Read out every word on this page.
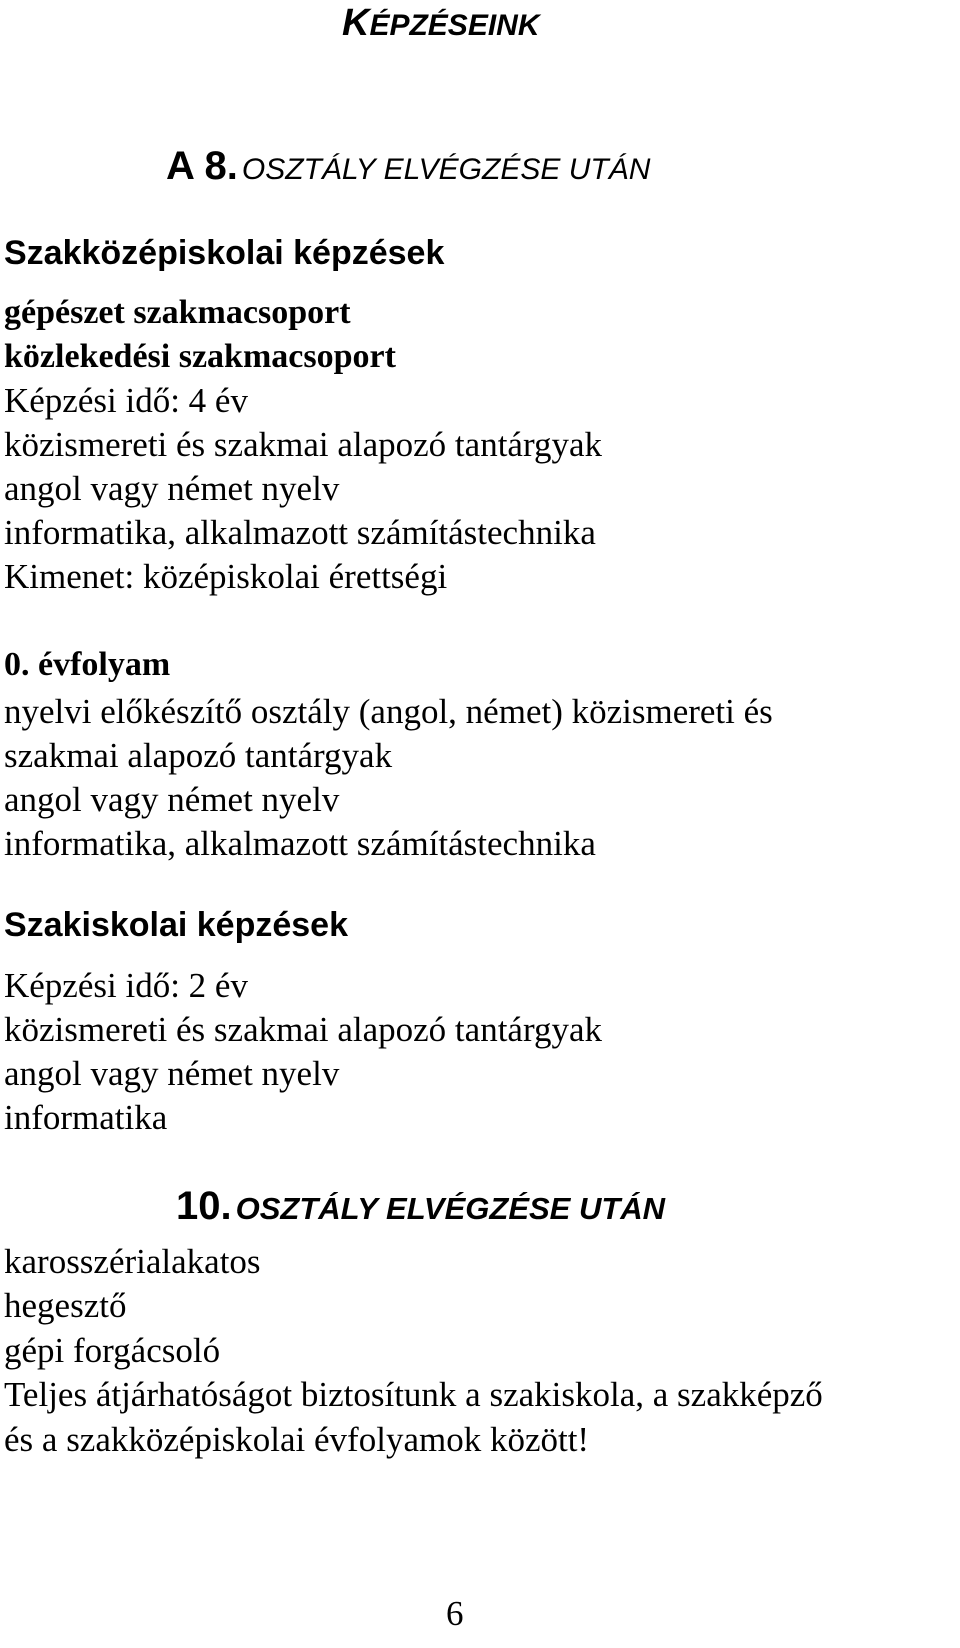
KÉPZÉSEINK
A 8. OSZTÁLY ELVÉGZÉSE UTÁN
Szakközépiskolai képzések
gépészet szakmacsoport
közlekedési szakmacsoport
Képzési idő: 4 év
közismereti és szakmai alapozó tantárgyak
angol vagy német nyelv
informatika, alkalmazott számítástechnika
Kimenet: középiskolai érettségi
0. évfolyam
nyelvi előkészítő osztály (angol, német) közismereti és
szakmai alapozó tantárgyak
angol vagy német nyelv
informatika, alkalmazott számítástechnika
Szakiskolai képzések
Képzési idő: 2 év
közismereti és szakmai alapozó tantárgyak
angol vagy német nyelv
informatika
10. OSZTÁLY ELVÉGZÉSE UTÁN
karosszérialakatos
hegesztő
gépi forgácsoló
Teljes átjárhatóságot biztosítunk a szakiskola, a szakképző
és a szakközépiskolai évfolyamok között!
6
